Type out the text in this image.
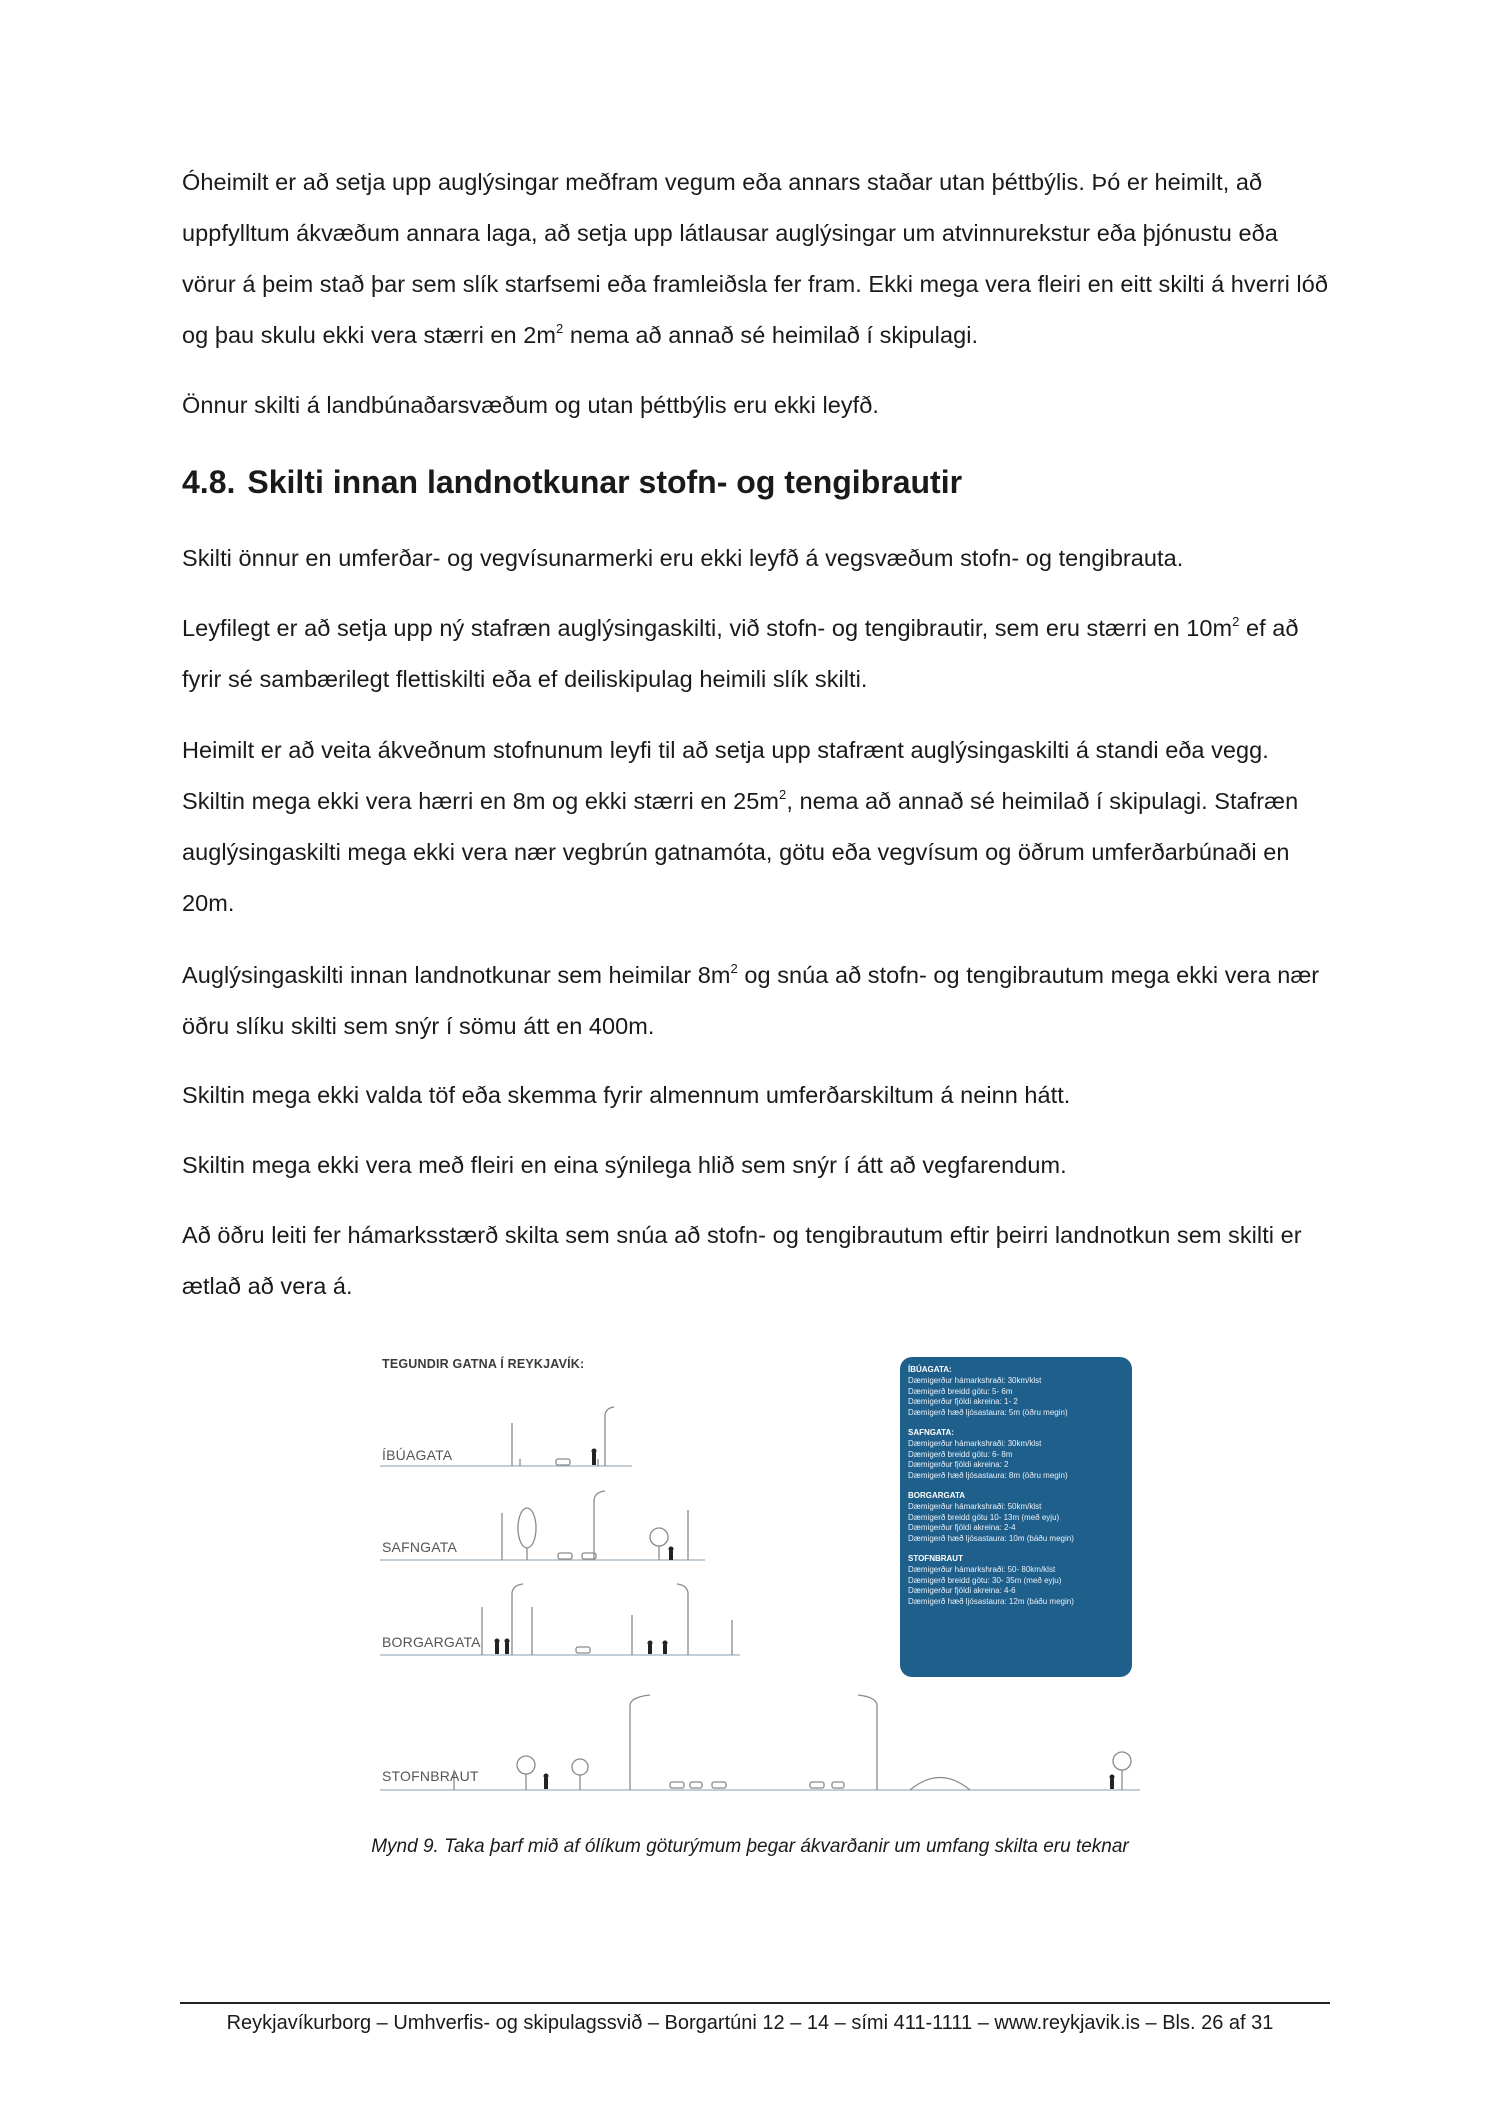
Óheimilt er að setja upp auglýsingar meðfram vegum eða annars staðar utan þéttbýlis. Þó er heimilt, að uppfylltum ákvæðum annara laga, að setja upp látlausar auglýsingar um atvinnurekstur eða þjónustu eða vörur á þeim stað þar sem slík starfsemi eða framleiðsla fer fram. Ekki mega vera fleiri en eitt skilti á hverri lóð og þau skulu ekki vera stærri en $2m^2$ nema að annað sé heimilað í skipulagi.

Önnur skilti á landbúnaðarsvæðum og utan þéttbýlis eru ekki leyfð.

4.8. Skilti innan landnotkunar stofn- og tengibrautir

Skilti önnur en umferðar- og vegvísunarmerki eru ekki leyfð á vegsvæðum stofn- og tengibrauta.

Leyfilegt er að setja upp ný stafræn auglýsingaskilti, við stofn- og tengibrautir, sem eru stærri en $10m^2$ ef að fyrir sé sambærilegt flettiskilti eða ef deiliskipulag heimili slík skilti.

Heimilt er að veita ákveðnum stofnunum leyfi til að setja upp stafrænt auglýsingaskilti á standi eða vegg. Skiltin mega ekki vera hærri en 8m og ekki stærri en $25m^2$, nema að annað sé heimilað í skipulagi. Stafræn auglýsingaskilti mega ekki vera nær vegbrún gatnamóta, götu eða vegvísum og öðrum umferðarbúnaði en 20m.

Auglýsingaskilti innan landnotkunar sem heimilar $8m^2$ og snúa að stofn- og tengibrautum mega ekki vera nær öðru slíku skilti sem snýr í sömu átt en 400m.

Skiltin mega ekki valda töf eða skemma fyrir almennum umferðarskiltum á neinn hátt.

Skiltin mega ekki vera með fleiri en eina sýnilega hlið sem snýr í átt að vegfarendum.

Að öðru leiti fer hámarksstærð skilta sem snúa að stofn- og tengibrautum eftir þeirri landnotkun sem skilti er ætlað að vera á.

TEGUNDIR GATNA Í REYKJAVÍK:
ÍBÚAGATA
SAFNGATA
BORGARGATA
STOFNBRAUT
ÍBÚAGATA:
Dæmigerður hámarkshraði: 30km/klst
Dæmigerð breidd götu: 5- 6m
Dæmigerður fjöldi akreina: 1- 2
Dæmigerð hæð ljósastaura: 5m (öðru megin)
SAFNGATA:
Dæmigerður hámarkshraði: 30km/klst
Dæmigerð breidd götu: 6- 8m
Dæmigerður fjöldi akreina: 2
Dæmigerð hæð ljósastaura: 8m (öðru megin)
BORGARGATA
Dæmigerður hámarkshraði: 50km/klst
Dæmigerð breidd götu 10- 13m (með eyju)
Dæmigerður fjöldi akreina: 2-4
Dæmigerð hæð ljósastaura: 10m (báðu megin)
STOFNBRAUT
Dæmigerður hámarkshraði: 50- 80km/klst
Dæmigerð breidd götu: 30- 35m (með eyju)
Dæmigerður fjöldi akreina: 4-6
Dæmigerð hæð ljósastaura: 12m (báðu megin)

Mynd 9. Taka þarf mið af ólíkum göturýmum þegar ákvarðanir um umfang skilta eru teknar

Reykjavíkurborg – Umhverfis- og skipulagssvið – Borgartúni 12 – 14 – sími 411-1111 – www.reykjavik.is – Bls. 26 af 31
